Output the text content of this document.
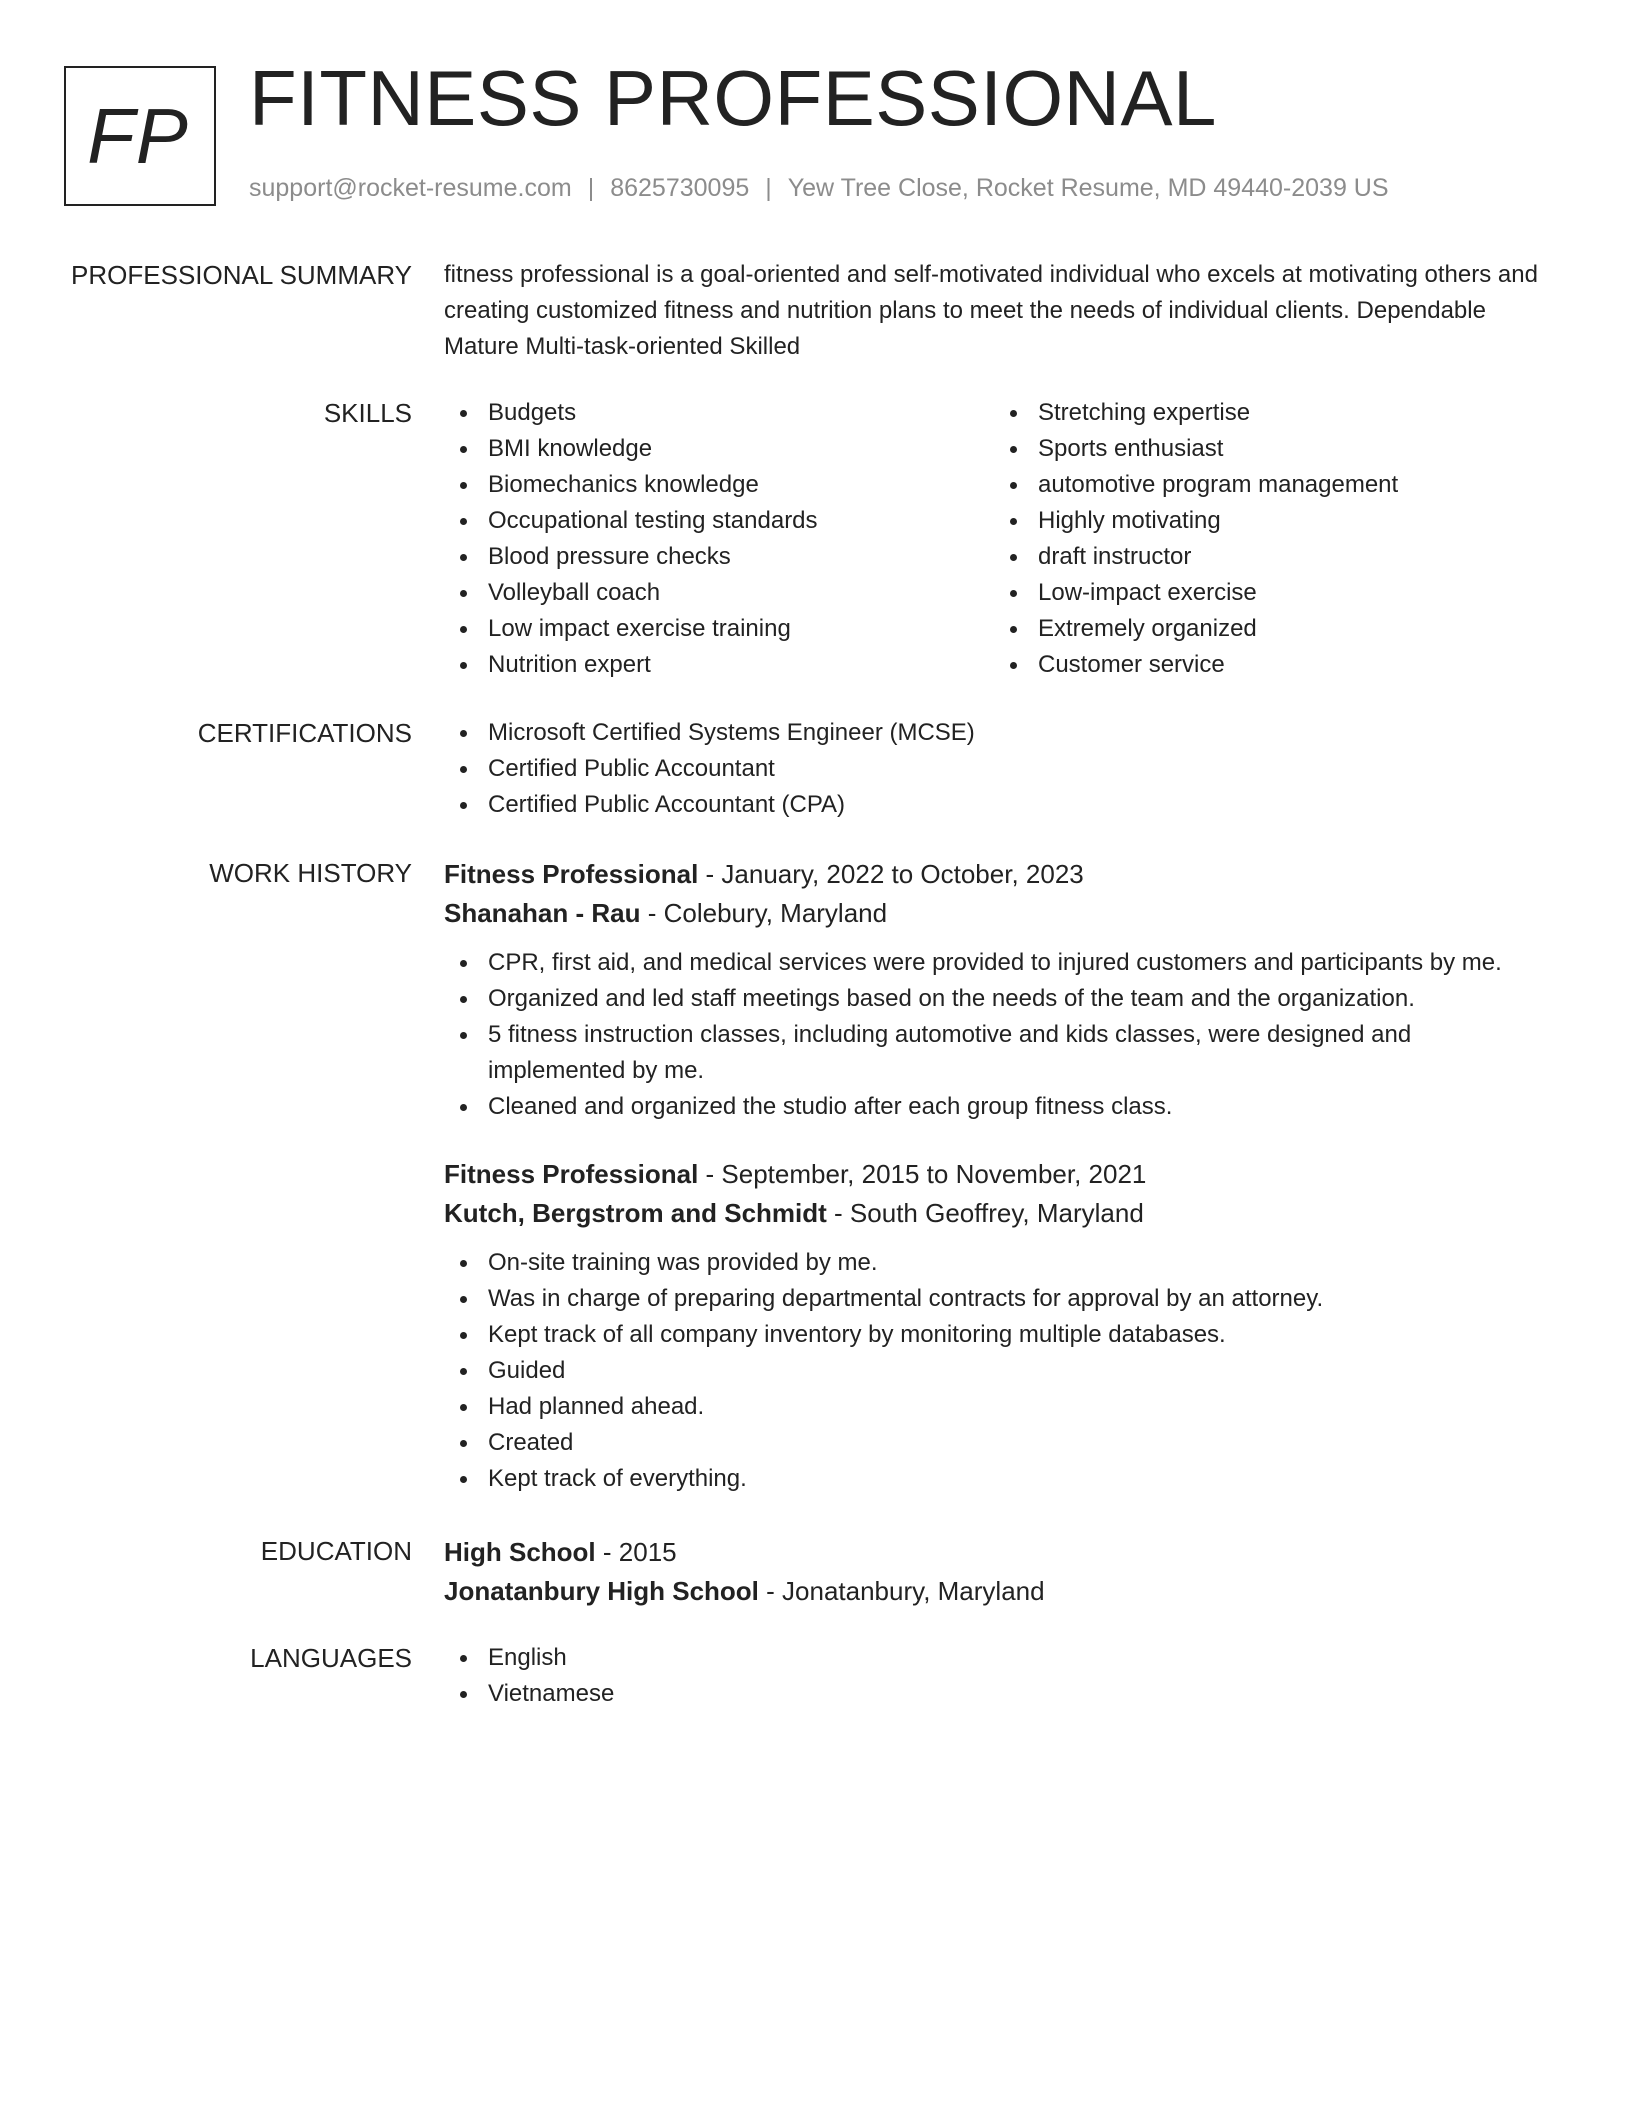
FP FITNESS PROFESSIONAL
support@rocket-resume.com | 8625730095 | Yew Tree Close, Rocket Resume, MD 49440-2039 US
PROFESSIONAL SUMMARY fitness professional is a goal-oriented and self-motivated individual who excels at motivating others and creating customized fitness and nutrition plans to meet the needs of individual clients. Dependable Mature Multi-task-oriented Skilled
SKILLS	Budgets
BMI knowledge
Biomechanics knowledge
Occupational testing standards
Blood pressure checks
Volleyball coach
Low impact exercise training
Nutrition expert
Stretching expertise
Sports enthusiast
automotive program management
Highly motivating
draft instructor
Low-impact exercise
Extremely organized
Customer service
CERTIFICATIONS	Microsoft Certified Systems Engineer (MCSE)
Certified Public Accountant
Certified Public Accountant (CPA)
WORK HISTORY Fitness Professional - January, 2022 to October, 2023
Shanahan - Rau - Colebury, Maryland
CPR, first aid, and medical services were provided to injured customers and participants by me.
Organized and led staff meetings based on the needs of the team and the organization.
5 fitness instruction classes, including automotive and kids classes, were designed and implemented by me.
Cleaned and organized the studio after each group fitness class.
Fitness Professional - September, 2015 to November, 2021
Kutch, Bergstrom and Schmidt - South Geoffrey, Maryland
On-site training was provided by me.
Was in charge of preparing departmental contracts for approval by an attorney.
Kept track of all company inventory by monitoring multiple databases.
Guided
Had planned ahead.
Created
Kept track of everything.
EDUCATION High School - 2015
Jonatanbury High School - Jonatanbury, Maryland
LANGUAGES	English
Vietnamese
